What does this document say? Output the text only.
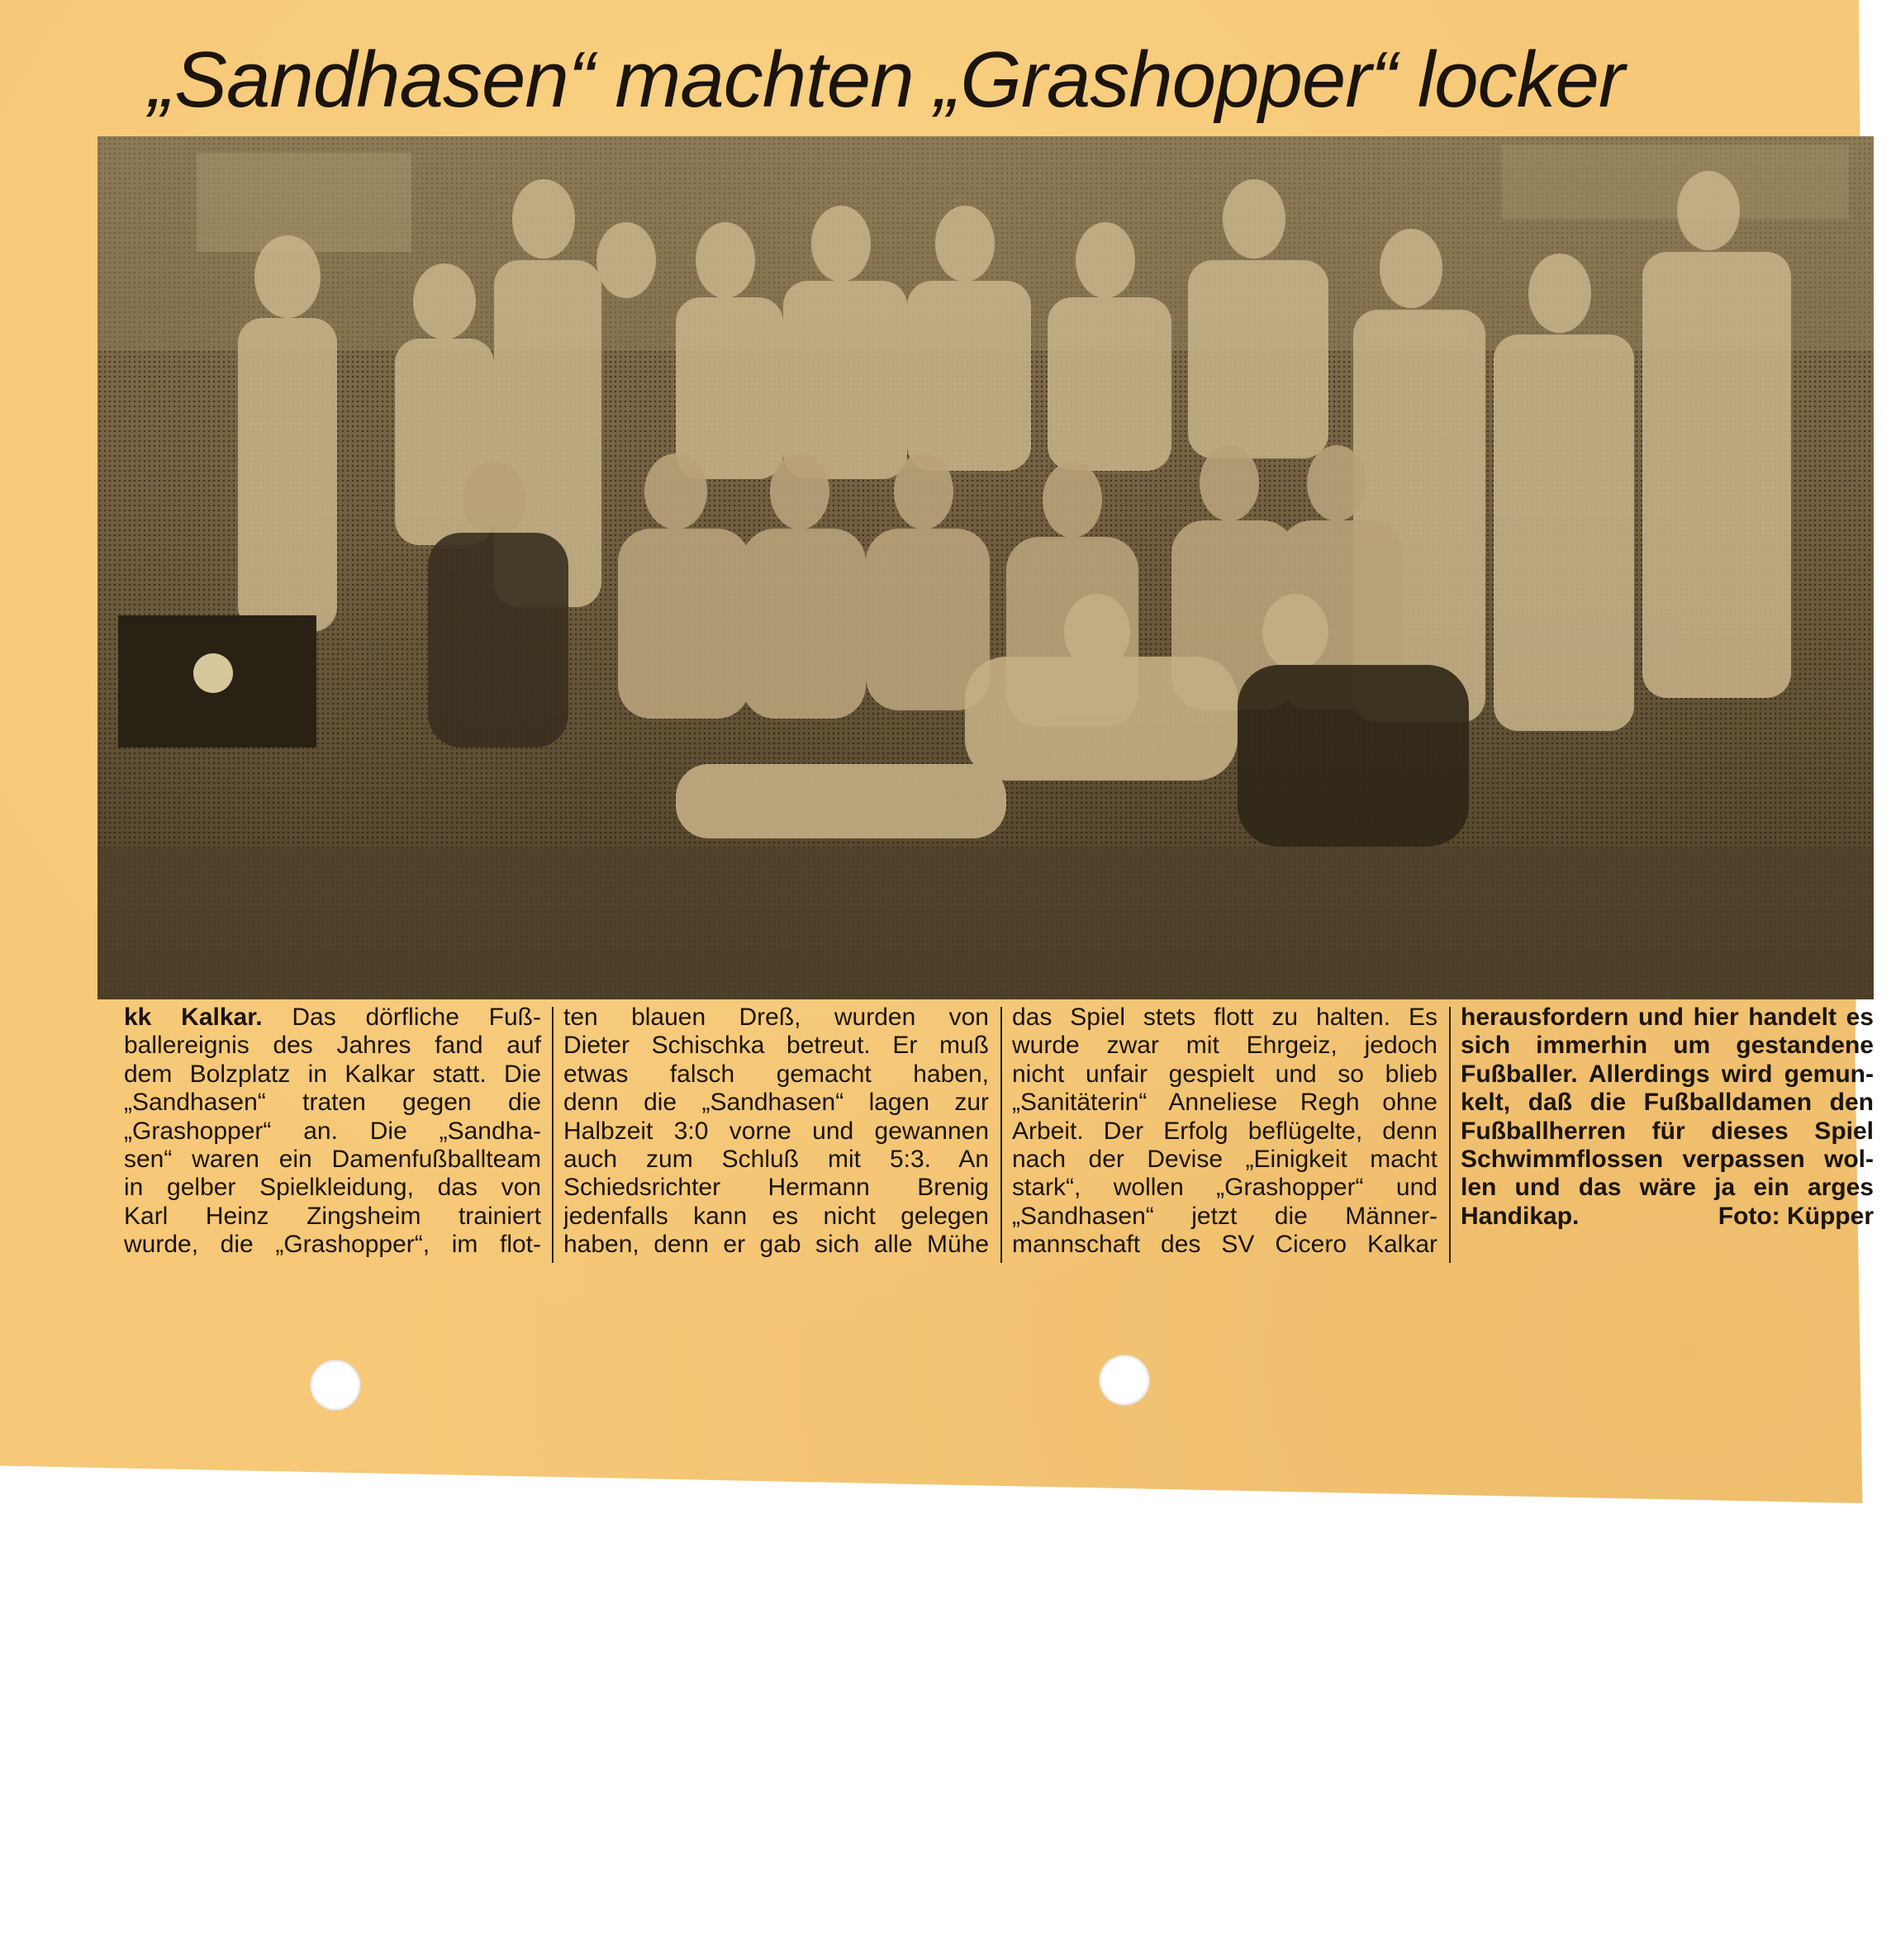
„Sandhasen“ machten „Grashopper“ locker
kk Kalkar. Das dörfliche Fuß-
ballereignis des Jahres fand auf
dem Bolzplatz in Kalkar statt. Die
„Sandhasen“ traten gegen die
„Grashopper“ an. Die „Sandha-
sen“ waren ein Damenfußballteam
in gelber Spielkleidung, das von
Karl Heinz Zingsheim trainiert
wurde, die „Grashopper“, im flot-
ten blauen Dreß, wurden von
Dieter Schischka betreut. Er muß
etwas falsch gemacht haben,
denn die „Sandhasen“ lagen zur
Halbzeit 3:0 vorne und gewannen
auch zum Schluß mit 5:3. An
Schiedsrichter Hermann Brenig
jedenfalls kann es nicht gelegen
haben, denn er gab sich alle Mühe
das Spiel stets flott zu halten. Es
wurde zwar mit Ehrgeiz, jedoch
nicht unfair gespielt und so blieb
„Sanitäterin“ Anneliese Regh ohne
Arbeit. Der Erfolg beflügelte, denn
nach der Devise „Einigkeit macht
stark“, wollen „Grashopper“ und
„Sandhasen“ jetzt die Männer-
mannschaft des SV Cicero Kalkar
herausfordern und hier handelt es
sich immerhin um gestandene
Fußballer. Allerdings wird gemun-
kelt, daß die Fußballdamen den
Fußballherren für dieses Spiel
Schwimmflossen verpassen wol-
len und das wäre ja ein arges
Handikap.	Foto: Küpper
